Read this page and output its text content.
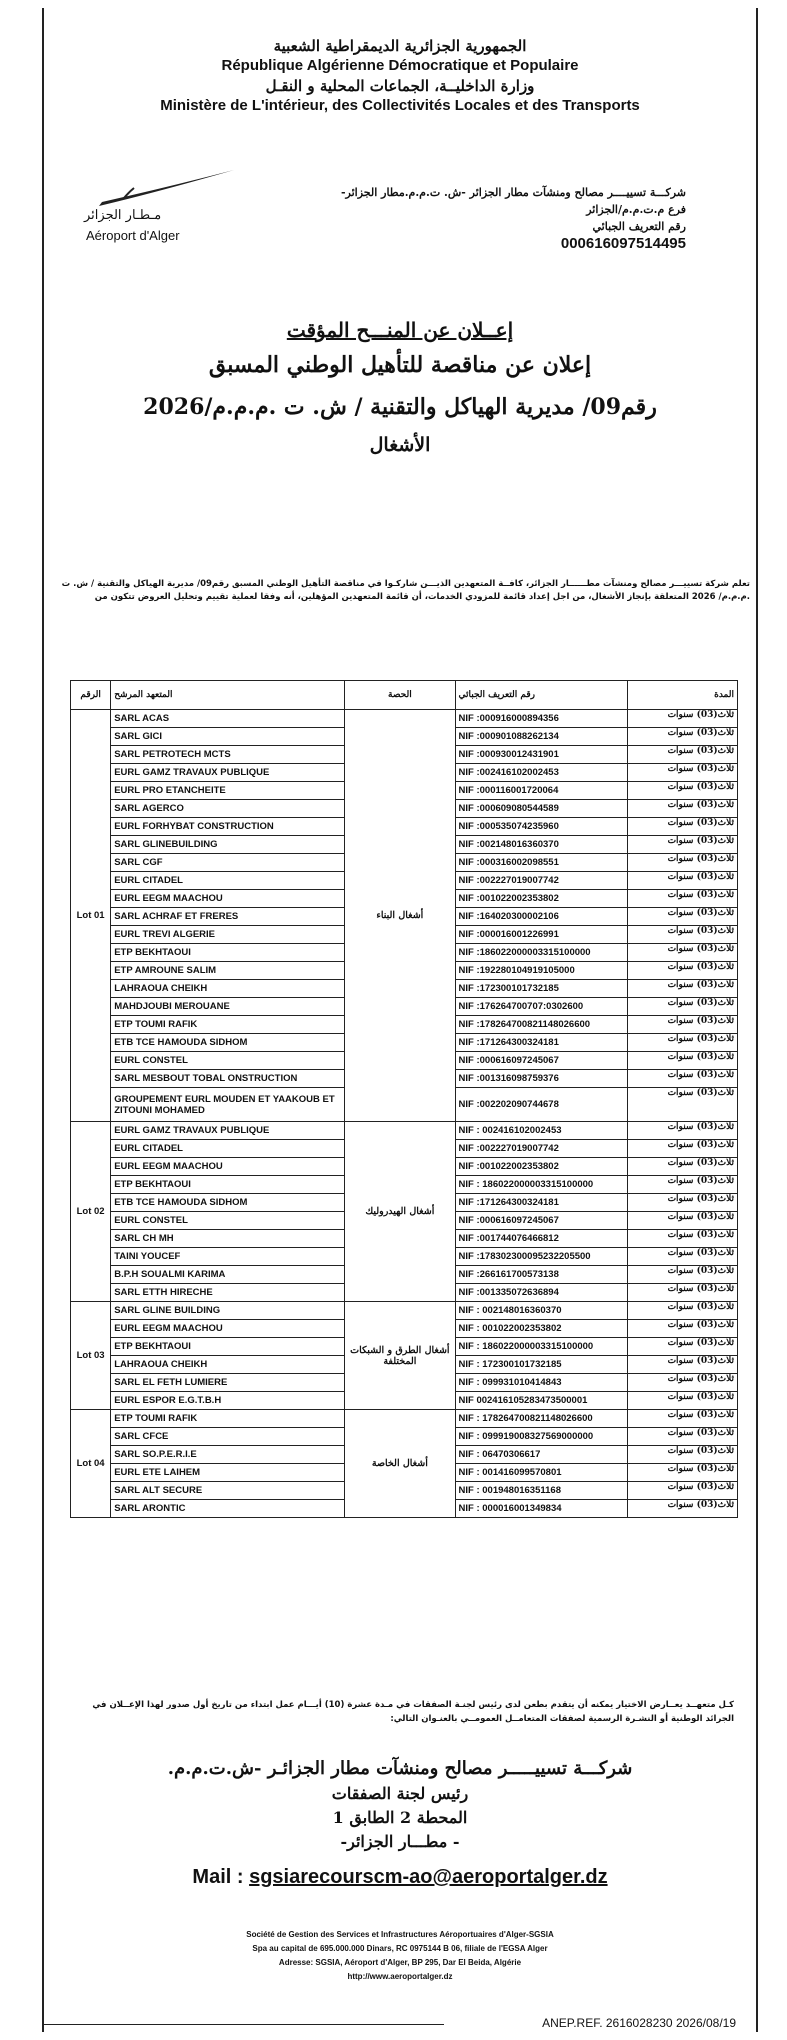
الجمهورية الجزائرية الديمقراطية الشعبية
République Algérienne Démocratique et Populaire
وزارة الداخليــة، الجماعات المحلية و النقـل
Ministère de L'intérieur, des Collectivités Locales et des Transports
مـطـار الجزائر
Aéroport d'Alger
شركـــة تسييــــر مصالح ومنشآت مطار الجزائر -ش. ت.م.م.مطار الجزائر-
فرع م.ت.م.م/الجزائر
رقم التعريف الجبائي
000616097514495
إعــلان عن المنـــح المؤقت
إعلان عن مناقصة للتأهيل الوطني المسبق
رقم09/ مديرية الهياكل والتقنية / ش. ت .م.م.م/2026
الأشغال
تعلم شركة تسييـــر مصالح ومنشآت مطــــــار الجزائر، كافــة المتعهدين الذيـــن شاركـوا في مناقصة التأهيل الوطني المسبق رقم09/ مديرية الهياكل والتقنية / ش. ت .م.م.م/ 2026 المتعلقة بإنجاز الأشغال، من اجل إعداد قائمة للمزودي الخدمات، أن قائمة المتعهدين المؤهلين، أنه وفقا لعملية تقييم وتحليل العروض تتكون من
الرقم	المتعهد المرشح	الحصة	رقم التعريف الجبائي	المدة
Lot 01	SARL ACAS	أشغال البناء	NIF :000916000894356	ثلاث(03) سنوات
	SARL GICI		NIF :000901088262134	ثلاث(03) سنوات
	SARL PETROTECH MCTS		NIF :000930012431901	ثلاث(03) سنوات
	EURL GAMZ TRAVAUX PUBLIQUE		NIF :002416102002453	ثلاث(03) سنوات
	EURL PRO ETANCHEITE		NIF :000116001720064	ثلاث(03) سنوات
	SARL AGERCO		NIF :000609080544589	ثلاث(03) سنوات
	EURL FORHYBAT CONSTRUCTION		NIF :000535074235960	ثلاث(03) سنوات
	SARL GLINEBUILDING		NIF :002148016360370	ثلاث(03) سنوات
	SARL CGF		NIF :000316002098551	ثلاث(03) سنوات
	EURL CITADEL		NIF :002227019007742	ثلاث(03) سنوات
	EURL EEGM MAACHOU		NIF :001022002353802	ثلاث(03) سنوات
	SARL ACHRAF ET FRERES		NIF :164020300002106	ثلاث(03) سنوات
	EURL TREVI ALGERIE		NIF :000016001226991	ثلاث(03) سنوات
	ETP BEKHTAOUI		NIF :186022000003315100000	ثلاث(03) سنوات
	ETP AMROUNE SALIM		NIF :192280104919105000	ثلاث(03) سنوات
	LAHRAOUA CHEIKH		NIF :172300101732185	ثلاث(03) سنوات
	MAHDJOUBI MEROUANE		NIF :176264700707:0302600	ثلاث(03) سنوات
	ETP TOUMI RAFIK		NIF :178264700821148026600	ثلاث(03) سنوات
	ETB TCE HAMOUDA SIDHOM		NIF :171264300324181	ثلاث(03) سنوات
	EURL CONSTEL		NIF :000616097245067	ثلاث(03) سنوات
	SARL MESBOUT TOBAL ONSTRUCTION		NIF :001316098759376	ثلاث(03) سنوات
	GROUPEMENT EURL MOUDEN ET YAAKOUB ET ZITOUNI MOHAMED		NIF :002202090744678	ثلاث(03) سنوات
Lot 02	EURL GAMZ TRAVAUX PUBLIQUE	أشغال الهيدروليك	NIF : 002416102002453	ثلاث(03) سنوات
	EURL CITADEL		NIF :002227019007742	ثلاث(03) سنوات
	EURL EEGM MAACHOU		NIF :001022002353802	ثلاث(03) سنوات
	ETP BEKHTAOUI		NIF : 186022000003315100000	ثلاث(03) سنوات
	ETB TCE HAMOUDA SIDHOM		NIF :171264300324181	ثلاث(03) سنوات
	EURL CONSTEL		NIF :000616097245067	ثلاث(03) سنوات
	SARL CH MH		NIF :001744076466812	ثلاث(03) سنوات
	TAINI YOUCEF		NIF :178302300095232205500	ثلاث(03) سنوات
	B.P.H SOUALMI KARIMA		NIF :266161700573138	ثلاث(03) سنوات
	SARL ETTH HIRECHE		NIF :001335072636894	ثلاث(03) سنوات
Lot 03	SARL GLINE BUILDING	أشغال الطرق و الشبكات المختلفة	NIF : 002148016360370	ثلاث(03) سنوات
	EURL EEGM MAACHOU		NIF : 001022002353802	ثلاث(03) سنوات
	ETP BEKHTAOUI		NIF : 186022000003315100000	ثلاث(03) سنوات
	LAHRAOUA CHEIKH		NIF : 172300101732185	ثلاث(03) سنوات
	SARL EL FETH LUMIERE		NIF : 099931010414843	ثلاث(03) سنوات
	EURL ESPOR E.G.T.B.H		NIF 002416105283473500001	ثلاث(03) سنوات
Lot 04	ETP TOUMI RAFIK	أشغال الخاصة	NIF : 178264700821148026600	ثلاث(03) سنوات
	SARL CFCE		NIF : 099919008327569000000	ثلاث(03) سنوات
	SARL SO.P.E.R.I.E		NIF : 06470306617	ثلاث(03) سنوات
	EURL ETE LAIHEM		NIF : 001416099570801	ثلاث(03) سنوات
	SARL ALT SECURE		NIF : 001948016351168	ثلاث(03) سنوات
	SARL ARONTIC		NIF : 000016001349834	ثلاث(03) سنوات
كـل متعهــد يعــارض الاختيار يمكنه أن يتقدم بطعن لدى رئيس لجنـة الصفقات في مـدة عشرة (10) أيـــام عمل ابتداء من تاريخ أول صدور لهذا الإعــلان في الجرائد الوطنية أو النشـرة الرسمية لصفقات المتعامــل العمومــي بالعنـوان التالي:
شركـــة تسييـــــر مصالح ومنشآت مطار الجزائـر -ش.ت.م.م.
رئيس لجنة الصفقات
المحطة 2 الطابق 1
- مطـــار الجزائر-
Mail : sgsiarecourscm-ao@aeroportalger.dz
Société de Gestion des Services et Infrastructures Aéroportuaires d'Alger-SGSIA
Spa au capital de 695.000.000 Dinars, RC 0975144 B 06, filiale de l'EGSA Alger
Adresse: SGSIA, Aéroport d'Alger, BP 295, Dar El Beida, Algérie
http://www.aeroportalger.dz
ANEP.REF. 2616028230 2026/08/19
